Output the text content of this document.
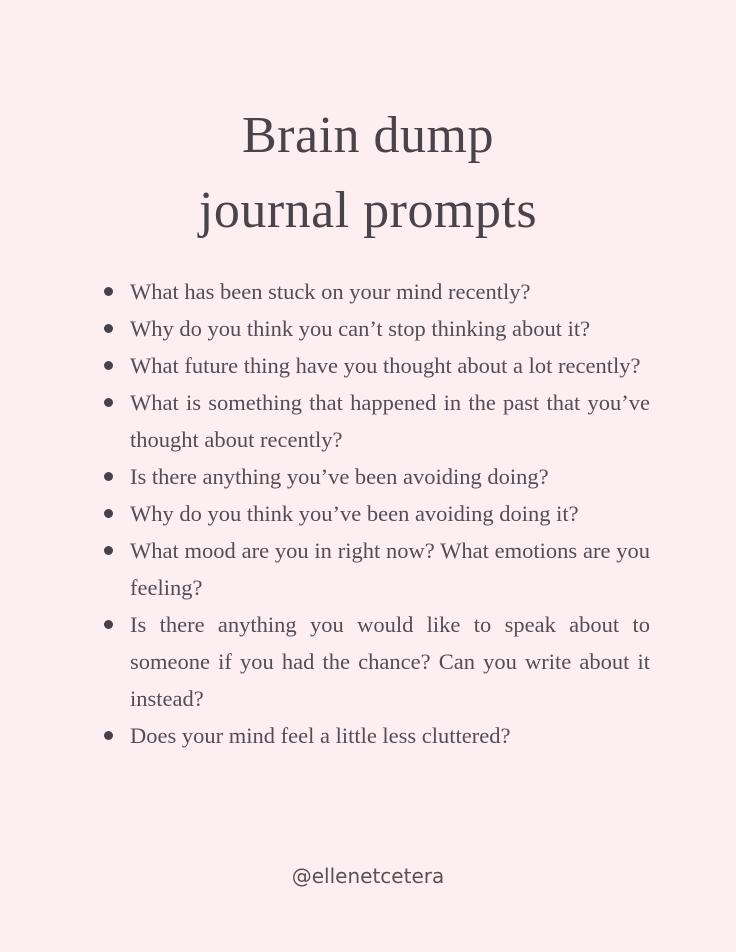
Brain dump
journal prompts
What has been stuck on your mind recently?
Why do you think you can’t stop thinking about it?
What future thing have you thought about a lot recently?
What is something that happened in the past that you’ve thought about recently?
Is there anything you’ve been avoiding doing?
Why do you think you’ve been avoiding doing it?
What mood are you in right now? What emotions are you feeling?
Is there anything you would like to speak about to someone if you had the chance? Can you write about it instead?
Does your mind feel a little less cluttered?
@ellenetcetera
